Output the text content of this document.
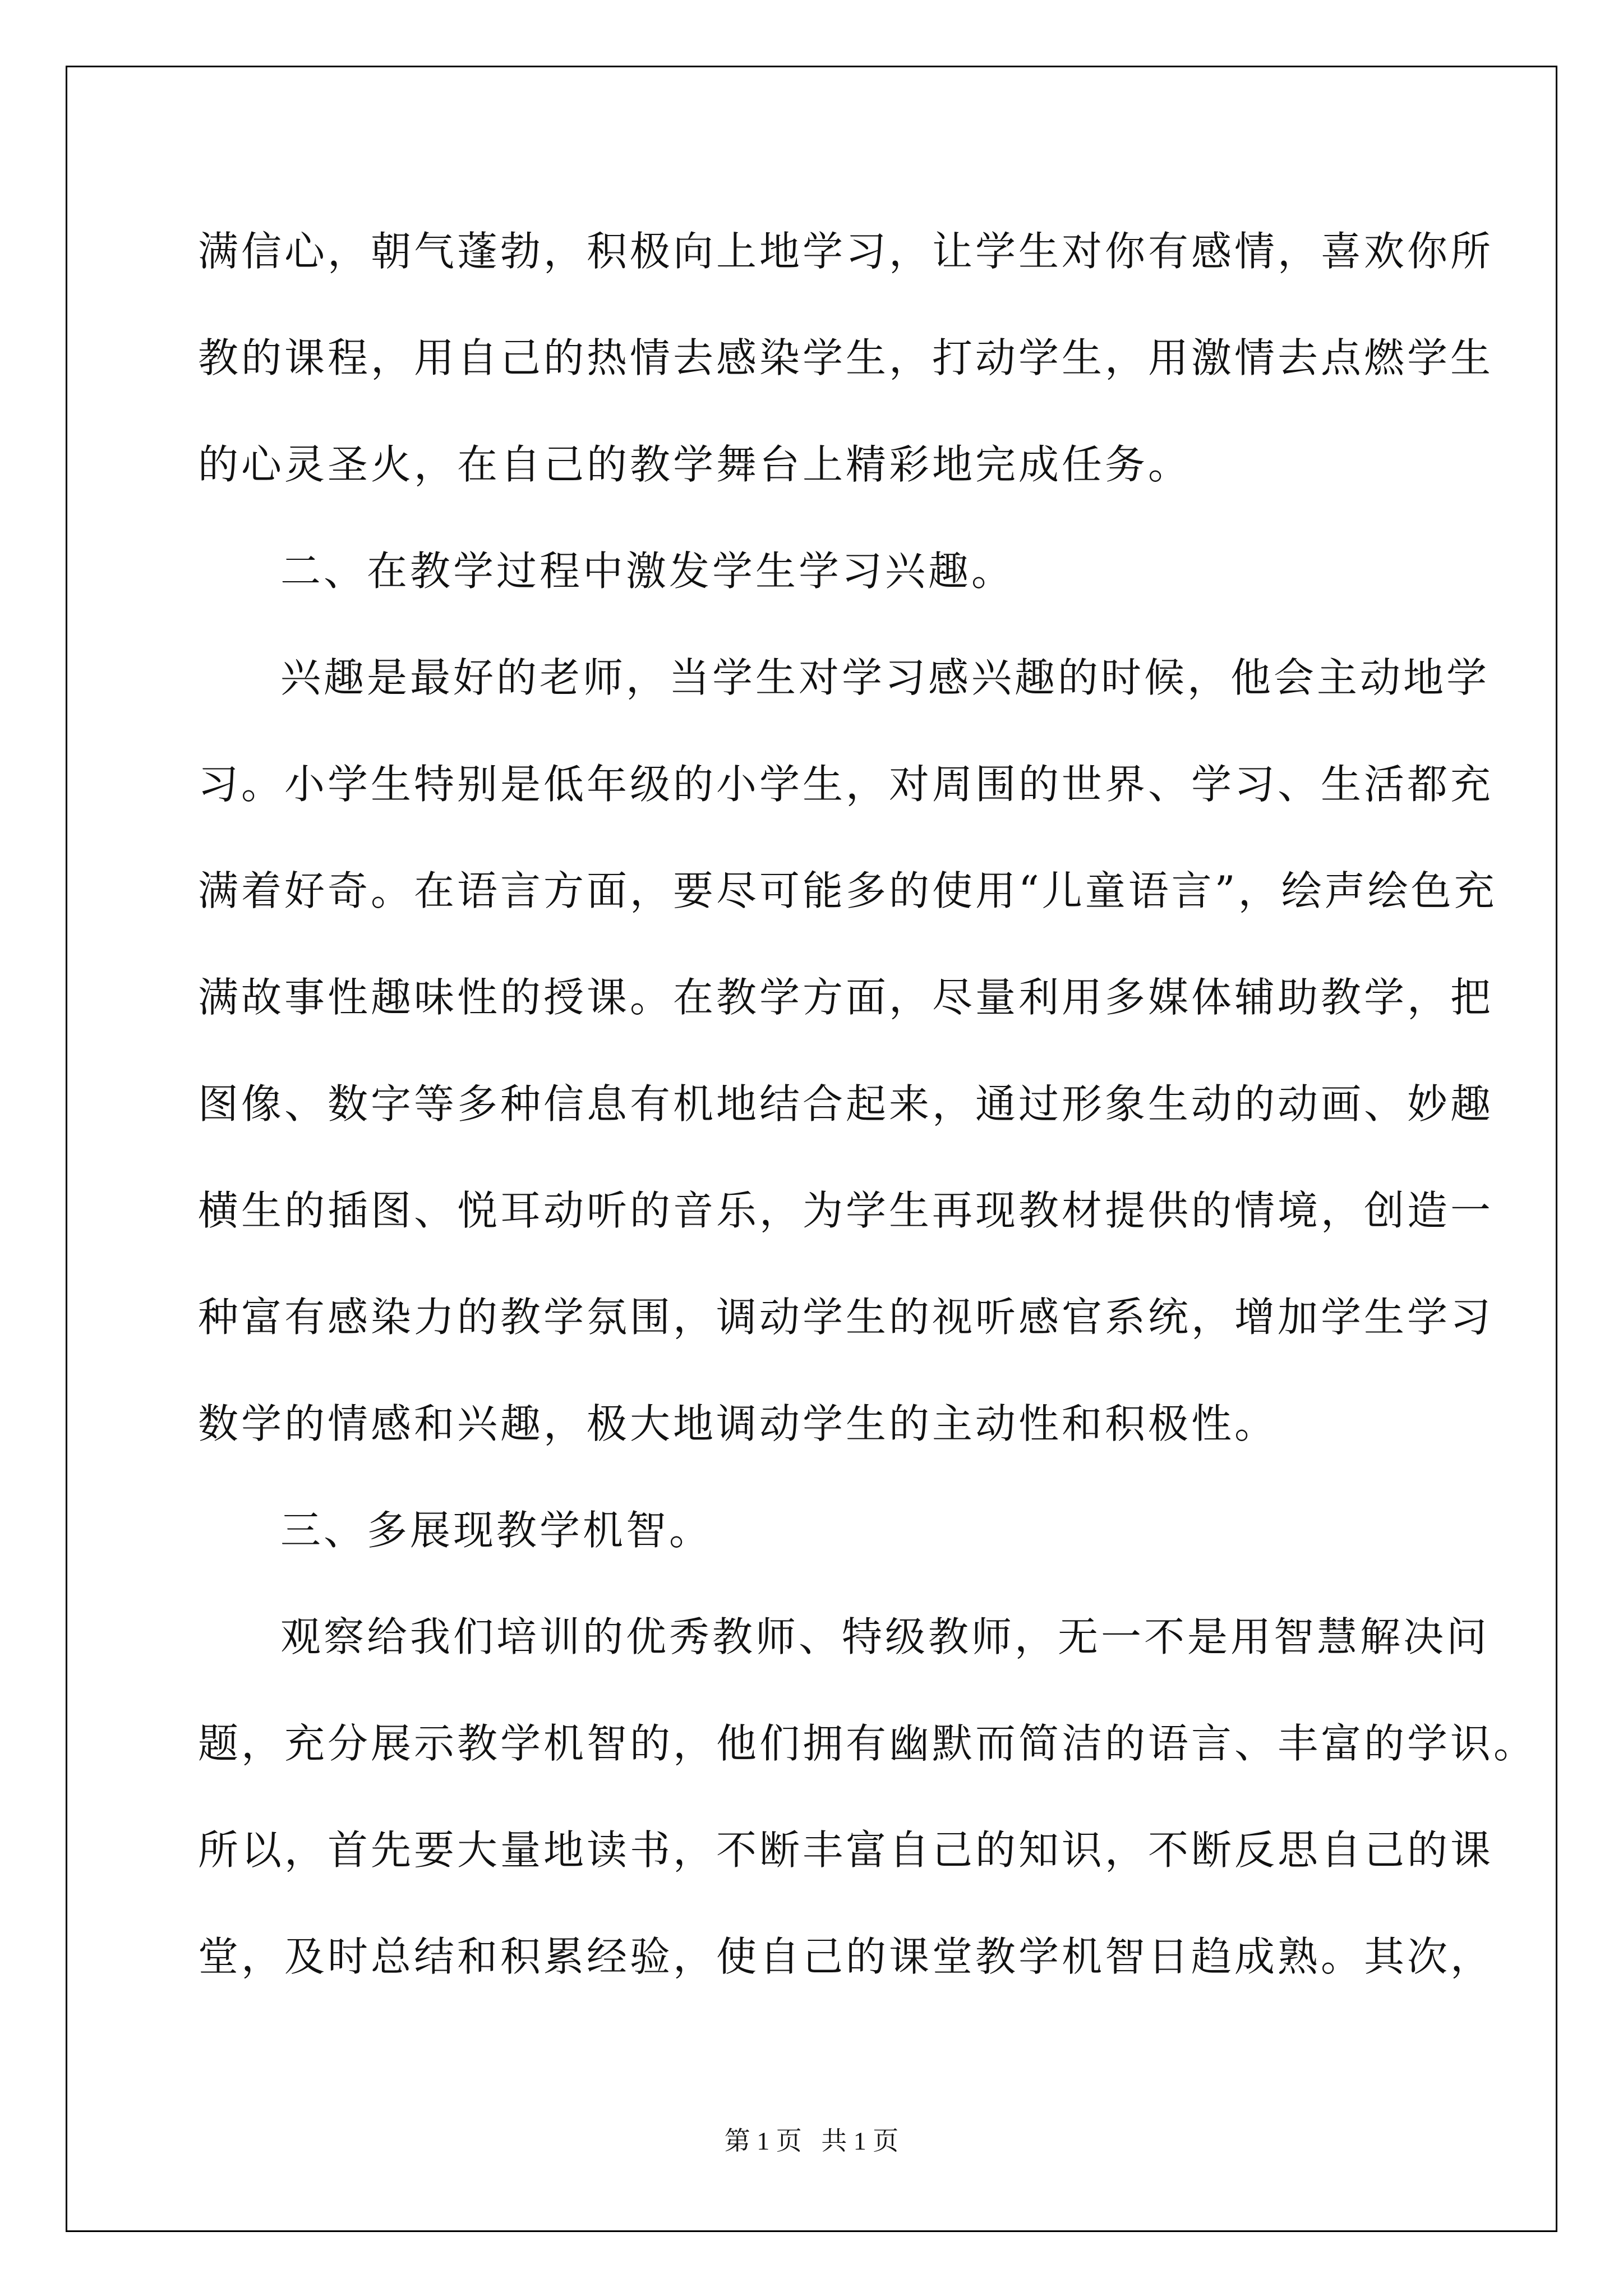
满信心，朝气蓬勃，积极向上地学习，让学生对你有感情，喜欢你所
教的课程，用自己的热情去感染学生，打动学生，用激情去点燃学生
的心灵圣火，在自己的教学舞台上精彩地完成任务。
二、在教学过程中激发学生学习兴趣。
兴趣是最好的老师，当学生对学习感兴趣的时候，他会主动地学
习。小学生特别是低年级的小学生，对周围的世界、学习、生活都充
满着好奇。在语言方面，要尽可能多的使用“儿童语言”，绘声绘色充
满故事性趣味性的授课。在教学方面，尽量利用多媒体辅助教学，把
图像、数字等多种信息有机地结合起来，通过形象生动的动画、妙趣
横生的插图、悦耳动听的音乐，为学生再现教材提供的情境，创造一
种富有感染力的教学氛围，调动学生的视听感官系统，增加学生学习
数学的情感和兴趣，极大地调动学生的主动性和积极性。
三、多展现教学机智。
观察给我们培训的优秀教师、特级教师，无一不是用智慧解决问
题，充分展示教学机智的，他们拥有幽默而简洁的语言、丰富的学识。
所以，首先要大量地读书，不断丰富自己的知识，不断反思自己的课
堂，及时总结和积累经验，使自己的课堂教学机智日趋成熟。其次，
第 1 页   共 1 页
